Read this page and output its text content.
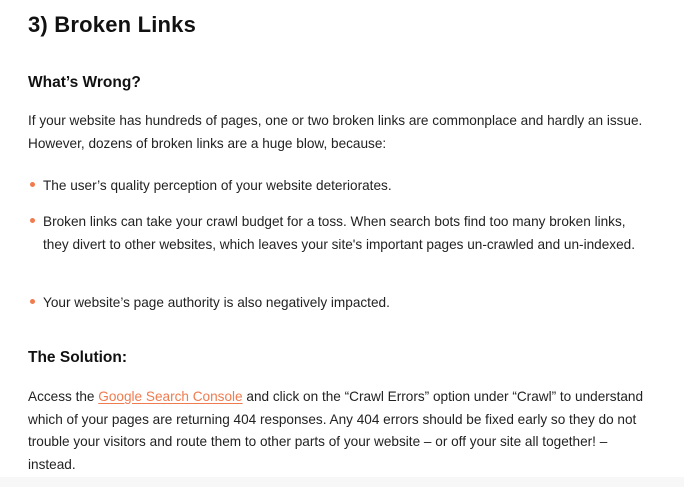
3) Broken Links
What’s Wrong?

If your website has hundreds of pages, one or two broken links are commonplace and hardly an issue. However, dozens of broken links are a huge blow, because:

The user’s quality perception of your website deteriorates.
Broken links can take your crawl budget for a toss. When search bots find too many broken links, they divert to other websites, which leaves your site's important pages un-crawled and un-indexed.
Your website’s page authority is also negatively impacted.
The Solution:

Access the Google Search Console and click on the “Crawl Errors” option under “Crawl” to understand which of your pages are returning 404 responses. Any 404 errors should be fixed early so they do not trouble your visitors and route them to other parts of your website – or off your site all together! – instead.
